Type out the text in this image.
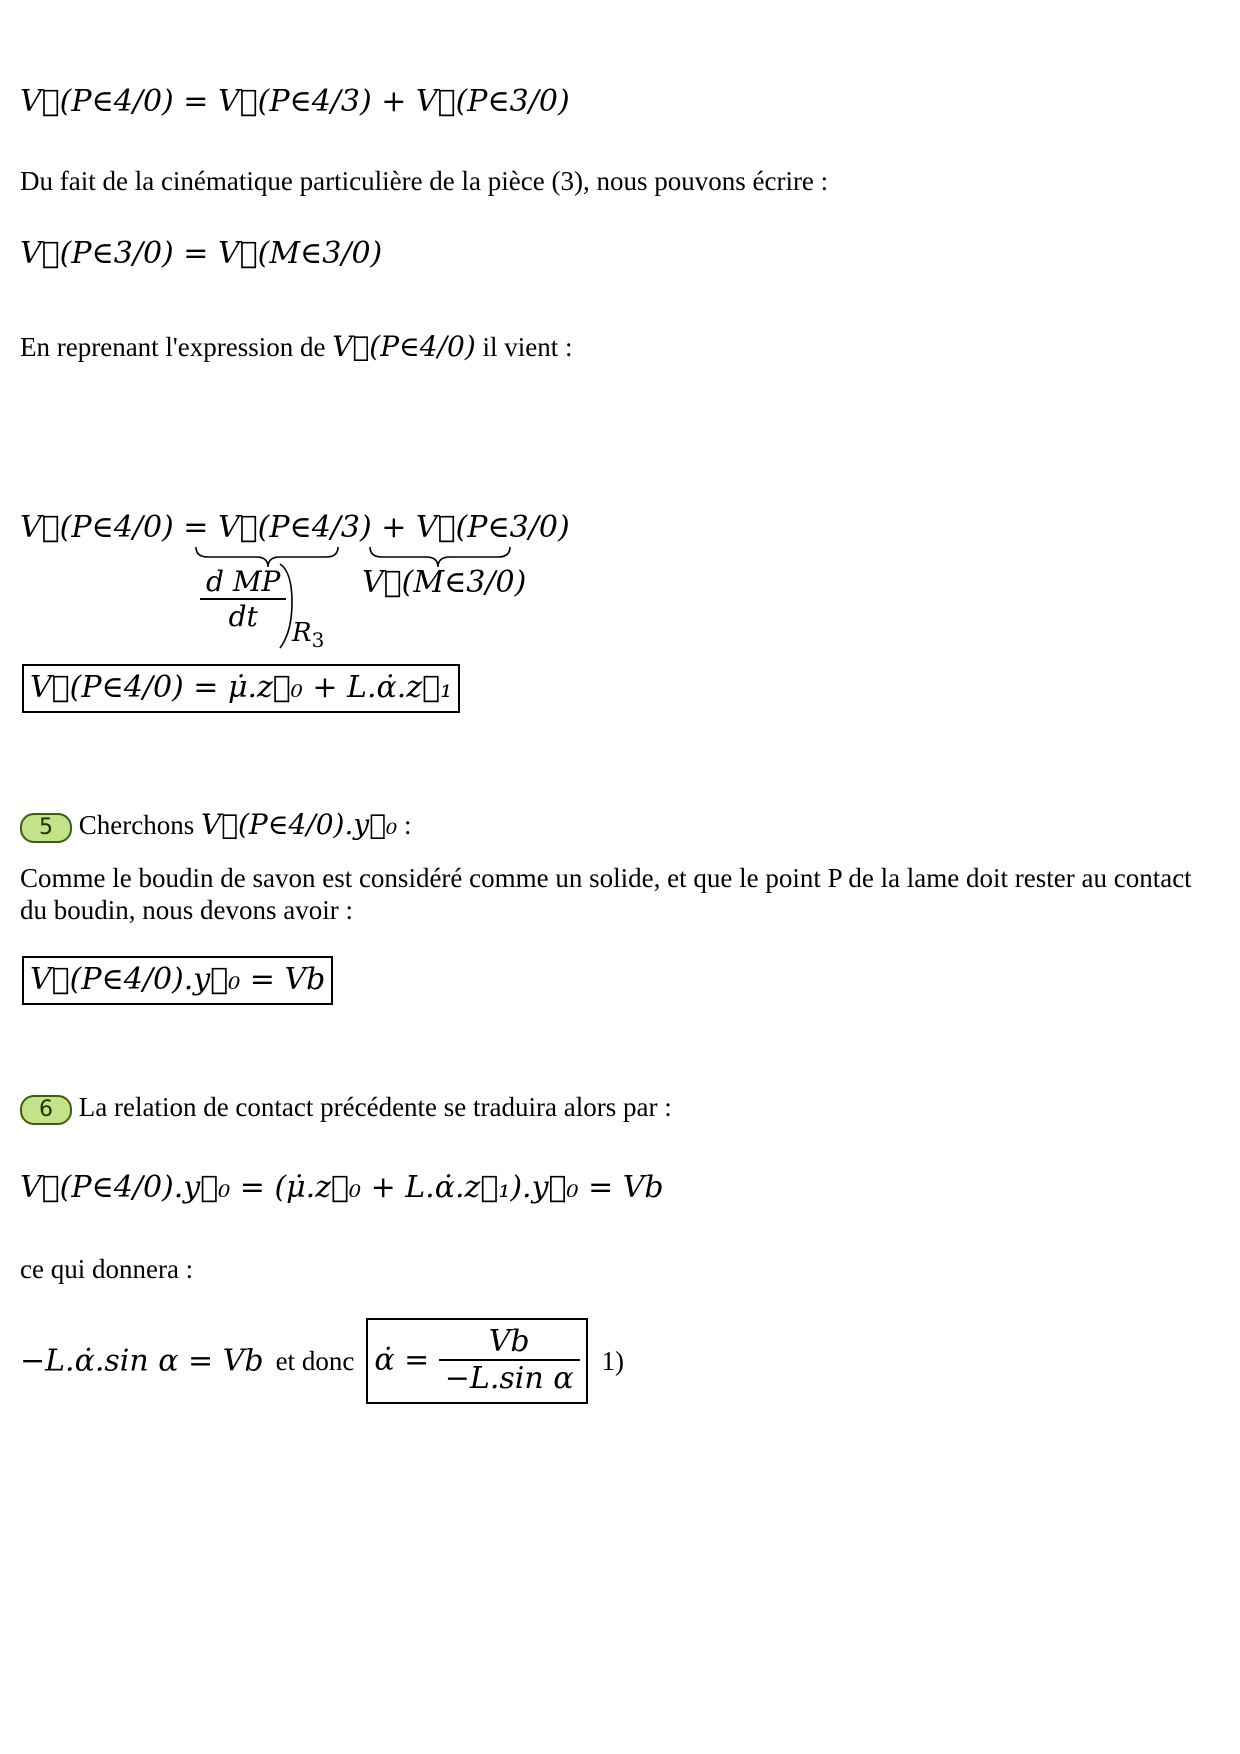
V⃗(P∈4/0) = V⃗(P∈4/3) + V⃗(P∈3/0)
Du fait de la cinématique particulière de la pièce (3), nous pouvons écrire :
V⃗(P∈3/0) = V⃗(M∈3/0)
En reprenant l'expression de V⃗(P∈4/0) il vient :
V⃗(P∈4/0) = V⃗(P∈4/3) + V⃗(P∈3/0)
$\frac{\text{d MP}}{dt} R_3$
V⃗(M∈3/0)
V⃗(P∈4/0) = μ̇.z⃗₀ + L.α̇.z⃗₁
5 Cherchons V⃗(P∈4/0).y⃗₀ :
Comme le boudin de savon est considéré comme un solide, et que le point P de la lame doit rester au contact du boudin, nous devons avoir :
V⃗(P∈4/0).y⃗₀ = Vb
6 La relation de contact précédente se traduira alors par :
V⃗(P∈4/0).y⃗₀ = (μ̇.z⃗₀ + L.α̇.z⃗₁).y⃗₀ = Vb
ce qui donnera :
−L.α̇.sin α = Vb et donc α̇ = $\frac{Vb}{\text{−L.sin α}} 1$)
